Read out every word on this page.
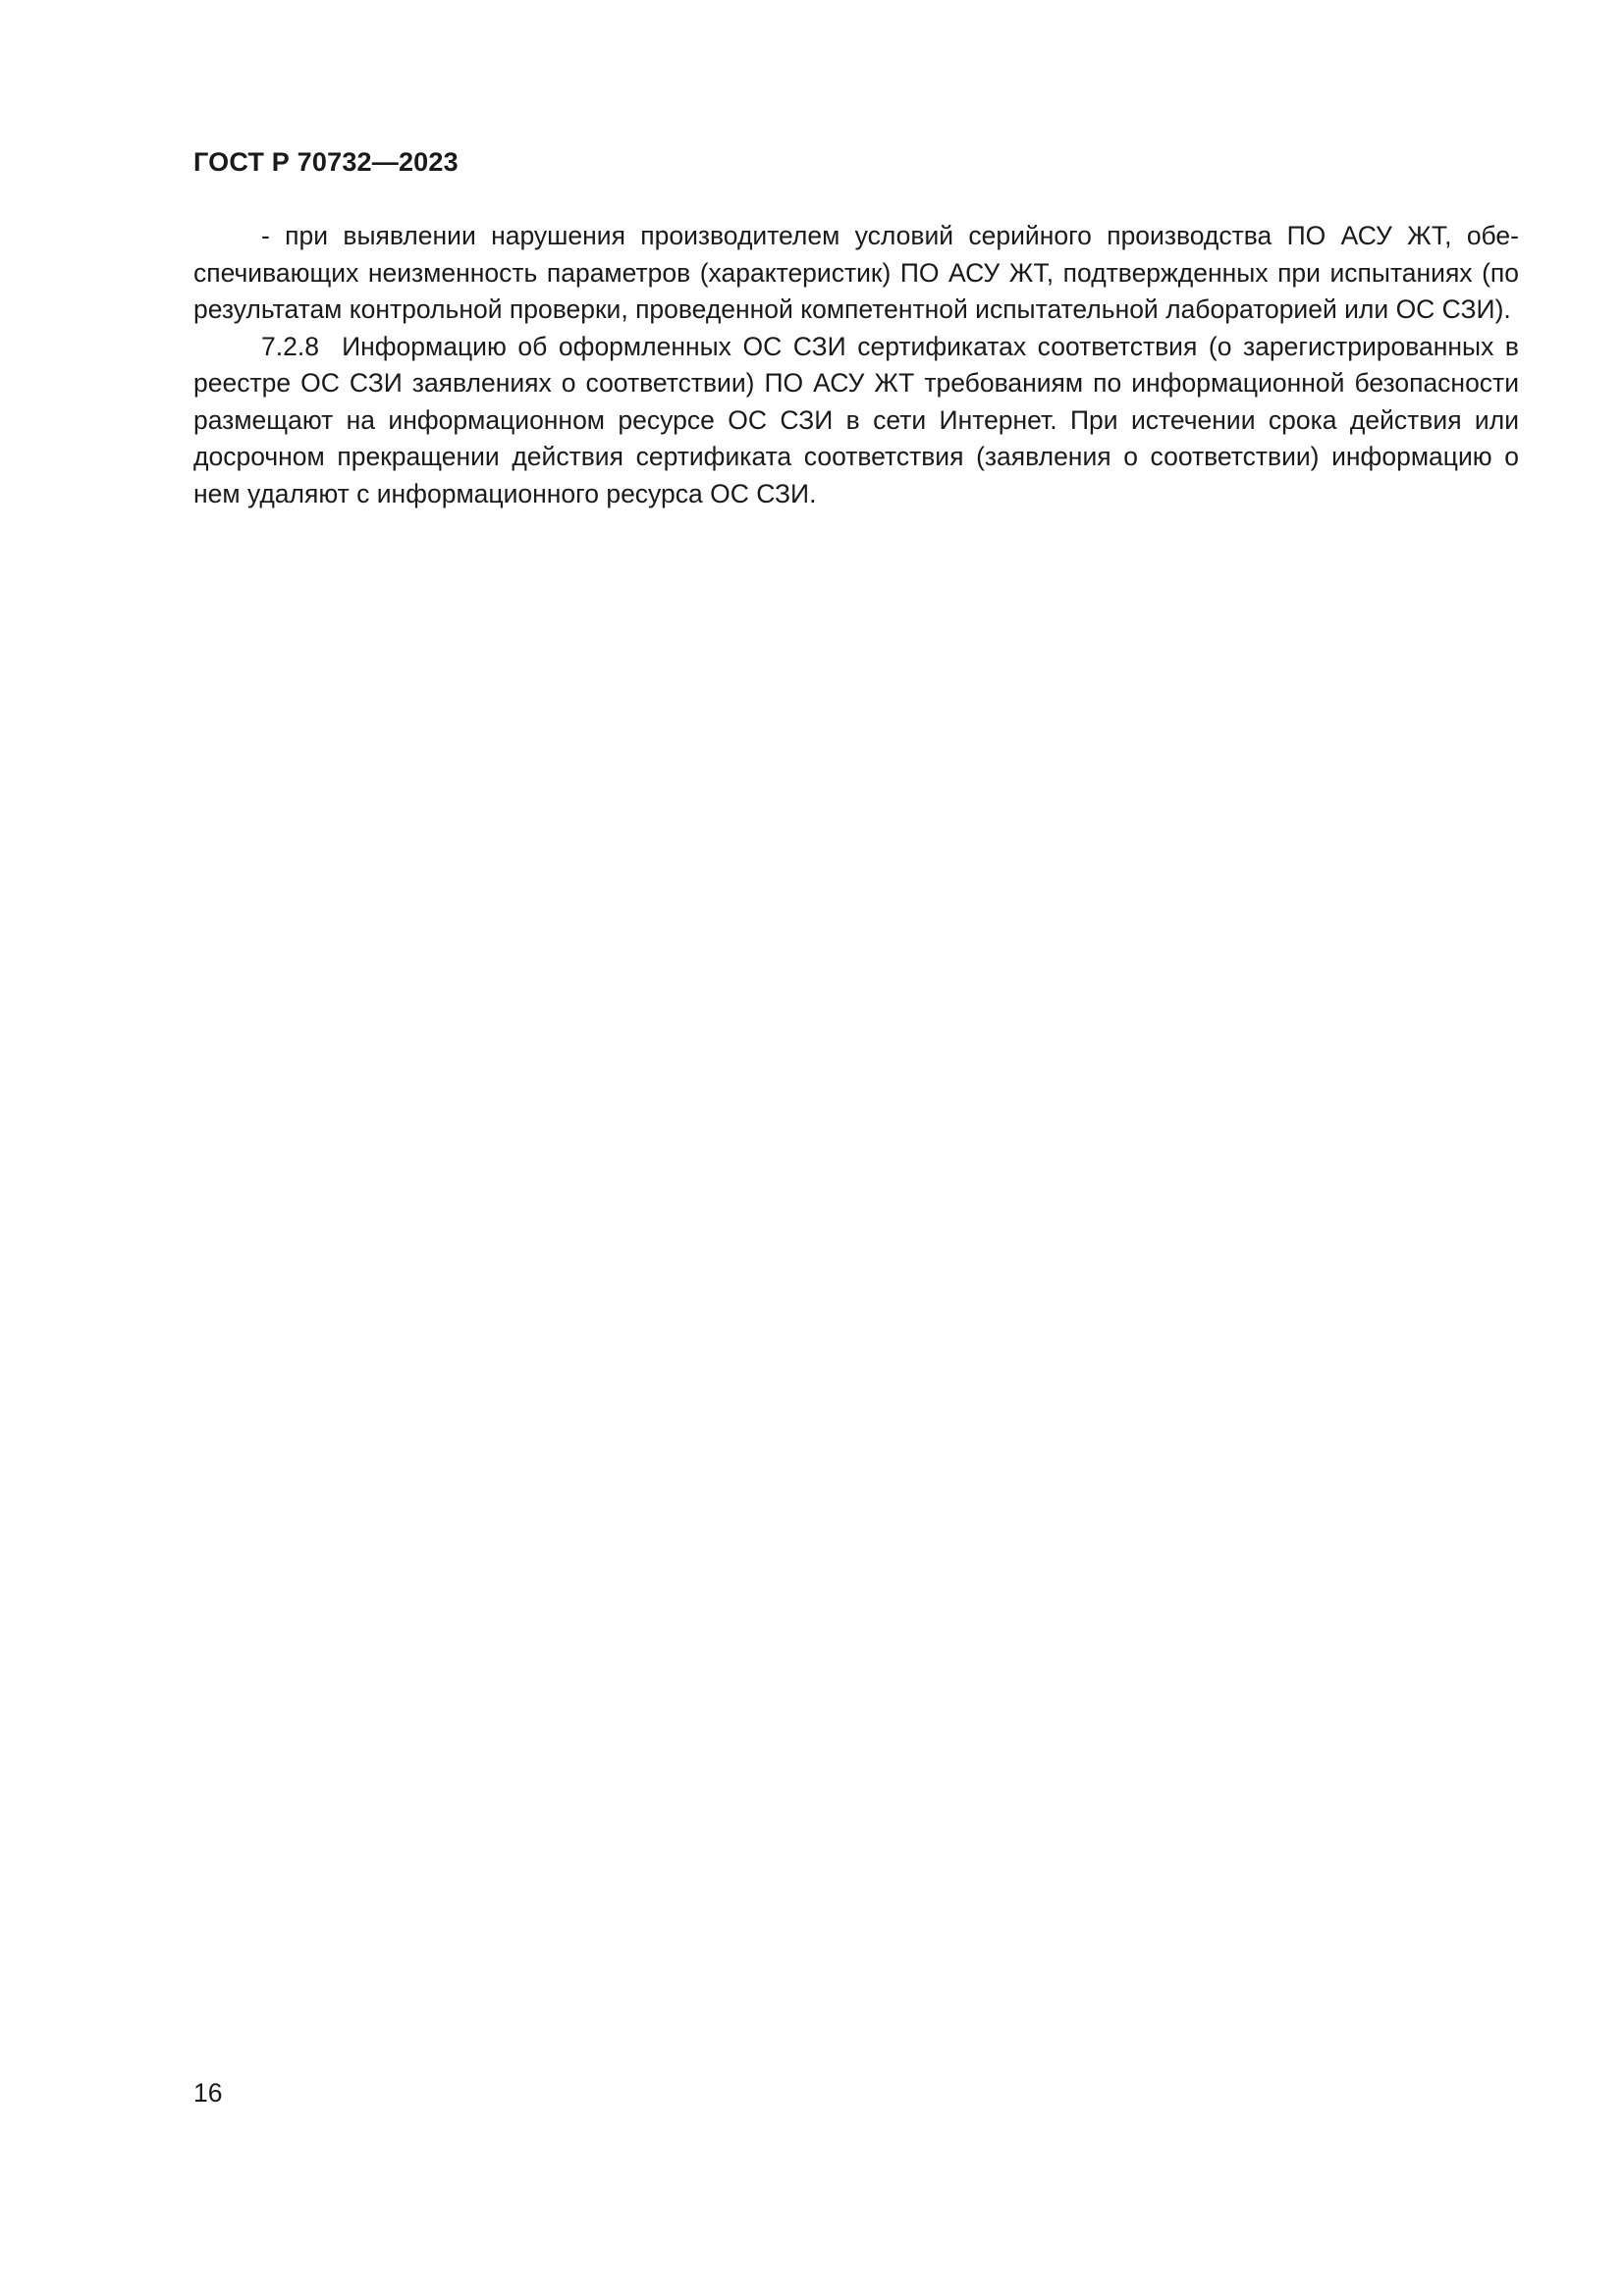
ГОСТ Р 70732—2023

- при выявлении нарушения производителем условий серийного производства ПО АСУ ЖТ, обеспечивающих неизменность параметров (характеристик) ПО АСУ ЖТ, подтвержденных при испытаниях (по результатам контрольной проверки, проведенной компетентной испытательной лабораторией или ОС СЗИ).

7.2.8  Информацию об оформленных ОС СЗИ сертификатах соответствия (о зарегистрированных в реестре ОС СЗИ заявлениях о соответствии) ПО АСУ ЖТ требованиям по информационной безопасности размещают на информационном ресурсе ОС СЗИ в сети Интернет. При истечении срока действия или досрочном прекращении действия сертификата соответствия (заявления о соответствии) информацию о нем удаляют с информационного ресурса ОС СЗИ.

16
